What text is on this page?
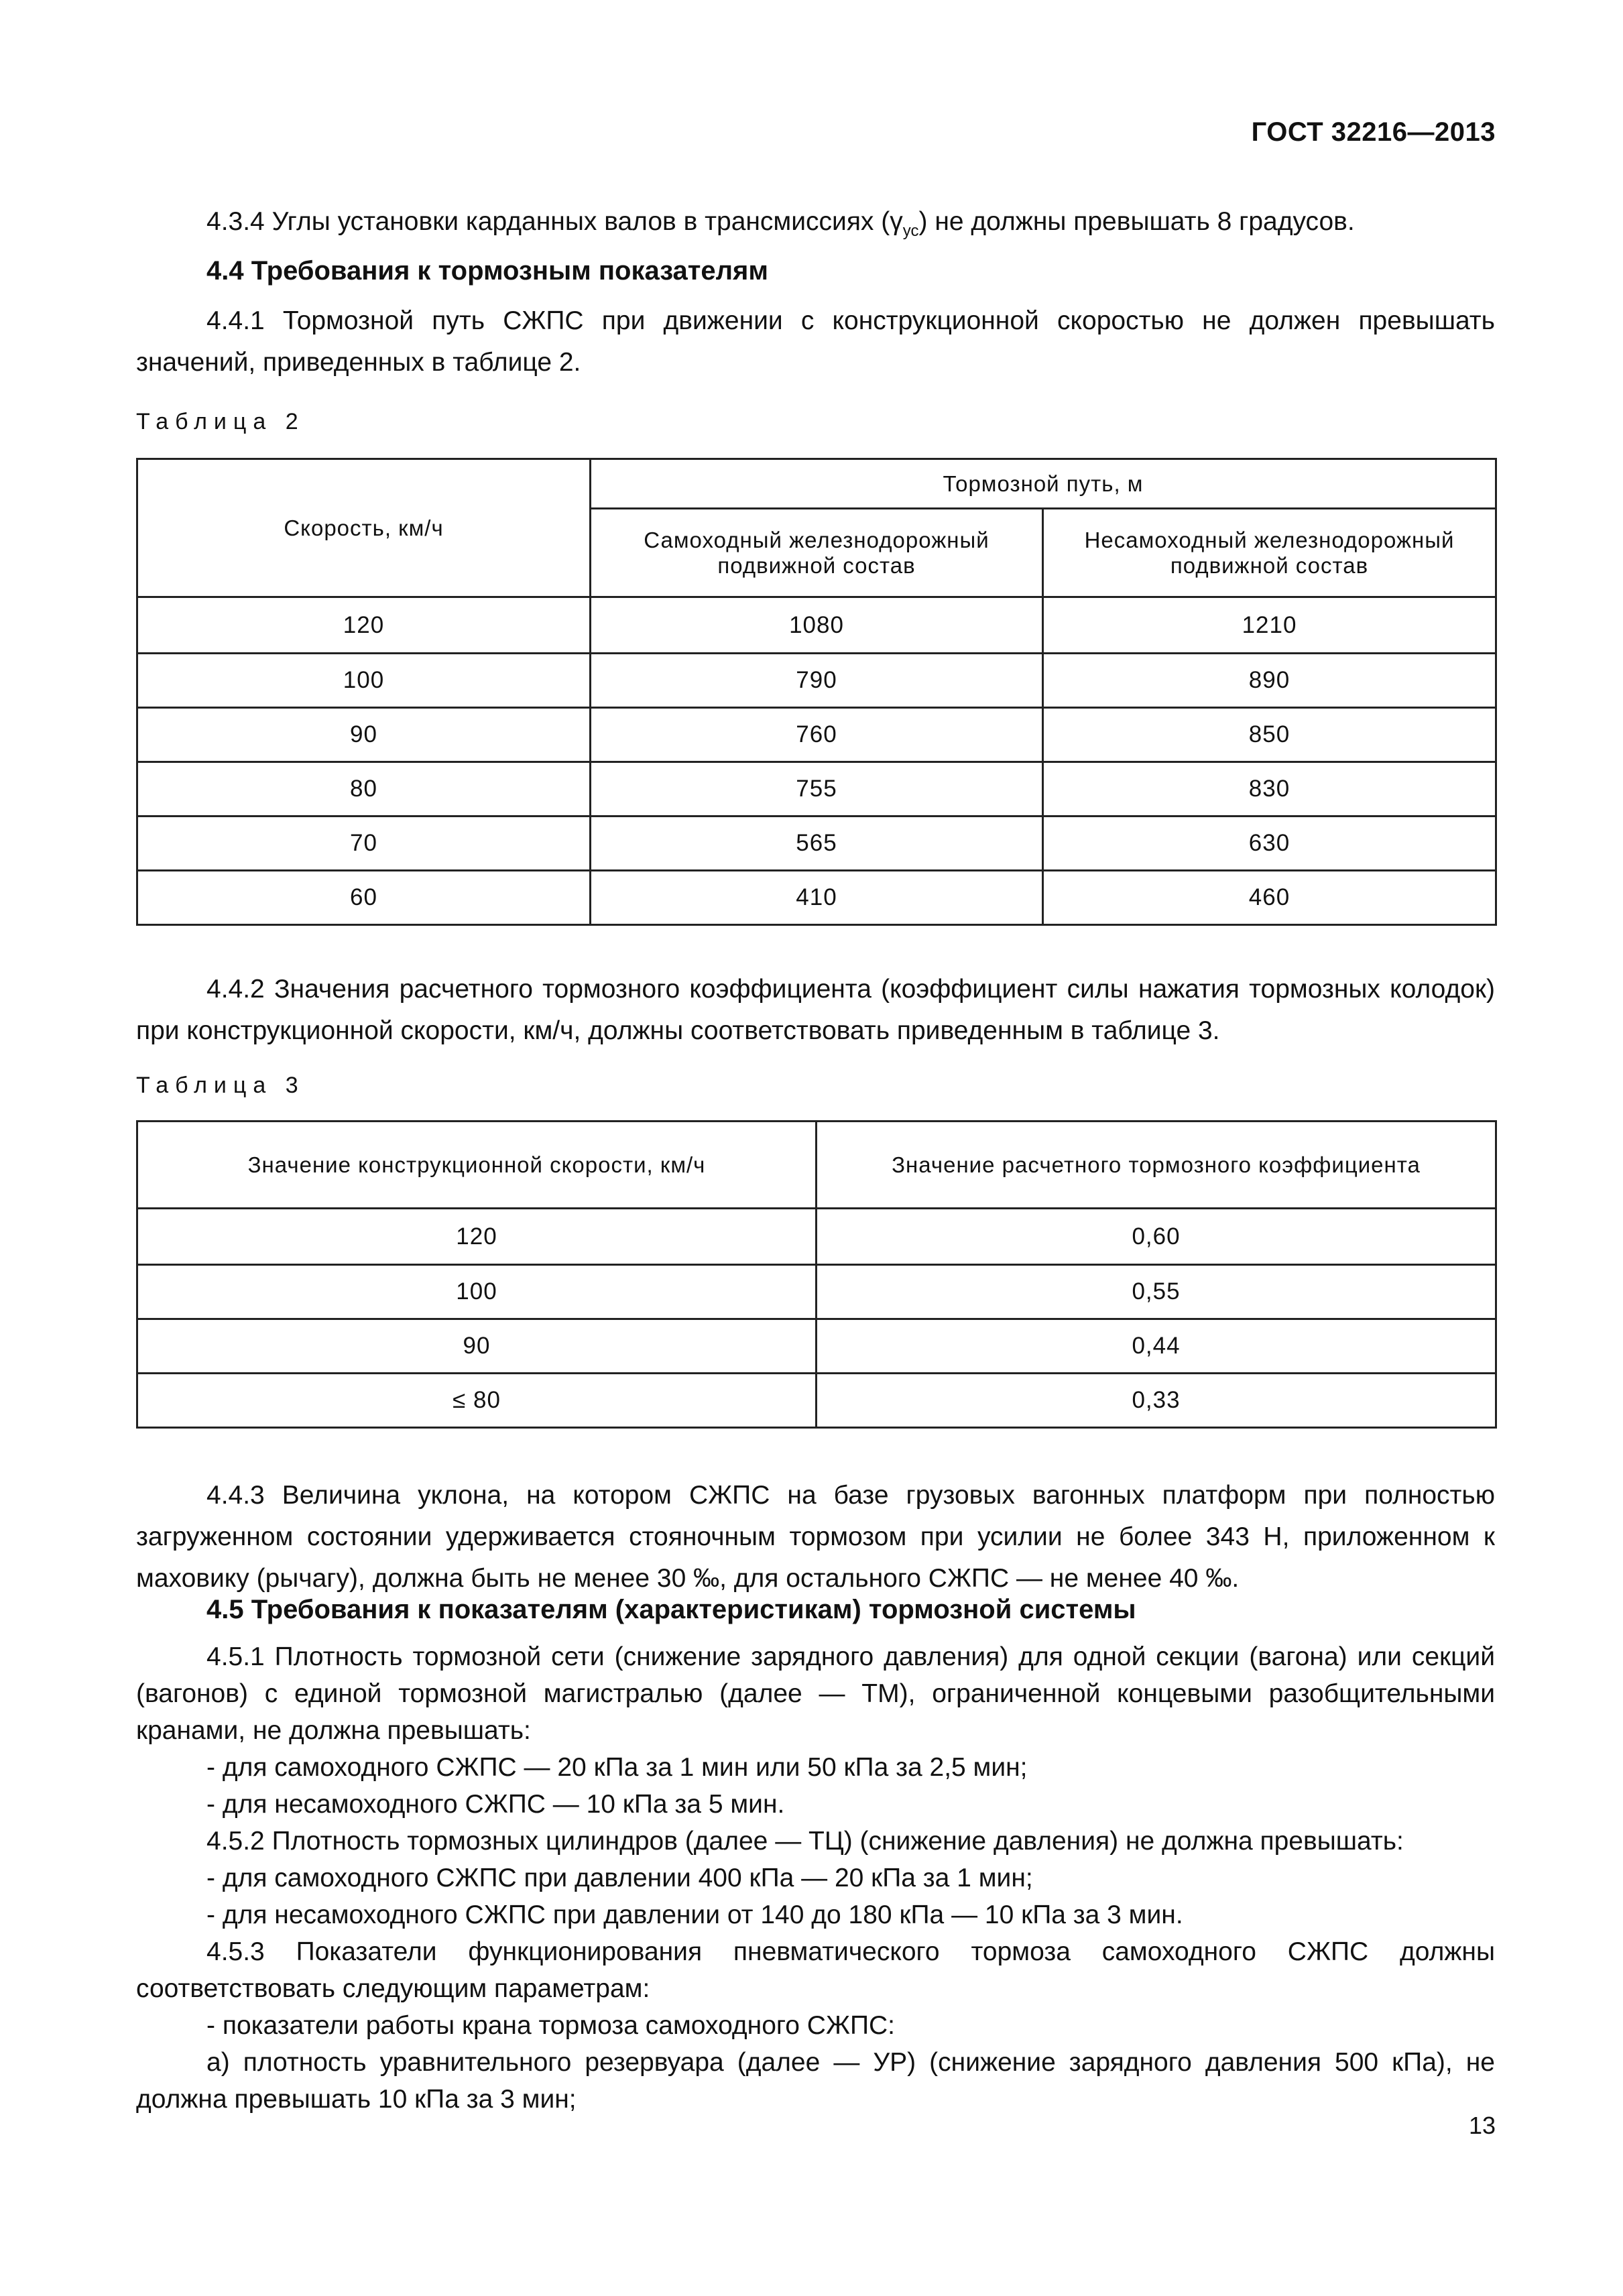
ГОСТ 32216—2013

4.3.4 Углы установки карданных валов в трансмиссиях $(\gamma_{ус})$ не должны превышать 8 градусов.

4.4 Требования к тормозным показателям

4.4.1 Тормозной путь СЖПС при движении с конструкционной скоростью не должен превышать значений, приведенных в таблице 2.

Таблица 2
Скорость, км/ч	Тормозной путь, м	
	Самоходный железнодорожный подвижной состав	Несамоходный железнодорожный подвижной состав
120	1080	1210
100	790	890
90	760	850
80	755	830
70	565	630
60	410	460

4.4.2 Значения расчетного тормозного коэффициента (коэффициент силы нажатия тормозных колодок) при конструкционной скорости, км/ч, должны соответствовать приведенным в таблице 3.

Таблица 3
Значение конструкционной скорости, км/ч	Значение расчетного тормозного коэффициента
120	0,60
100	0,55
90	0,44
≤ 80	0,33

4.4.3 Величина уклона, на котором СЖПС на базе грузовых вагонных платформ при полностью загруженном состоянии удерживается стояночным тормозом при усилии не более 343 Н, приложенном к маховику (рычагу), должна быть не менее 30 ‰, для остального СЖПС — не менее 40 ‰.

4.5 Требования к показателям (характеристикам) тормозной системы

4.5.1 Плотность тормозной сети (снижение зарядного давления) для одной секции (вагона) или секций (вагонов) с единой тормозной магистралью (далее — ТМ), ограниченной концевыми разобщительными кранами, не должна превышать:

- для самоходного СЖПС — 20 кПа за 1 мин или 50 кПа за 2,5 мин;

- для несамоходного СЖПС — 10 кПа за 5 мин.

4.5.2 Плотность тормозных цилиндров (далее — ТЦ) (снижение давления) не должна превышать:

- для самоходного СЖПС при давлении 400 кПа — 20 кПа за 1 мин;

- для несамоходного СЖПС при давлении от 140 до 180 кПа — 10 кПа за 3 мин.

4.5.3 Показатели функционирования пневматического тормоза самоходного СЖПС должны соответствовать следующим параметрам:

- показатели работы крана тормоза самоходного СЖПС:

а) плотность уравнительного резервуара (далее — УР) (снижение зарядного давления 500 кПа), не должна превышать 10 кПа за 3 мин;

13
